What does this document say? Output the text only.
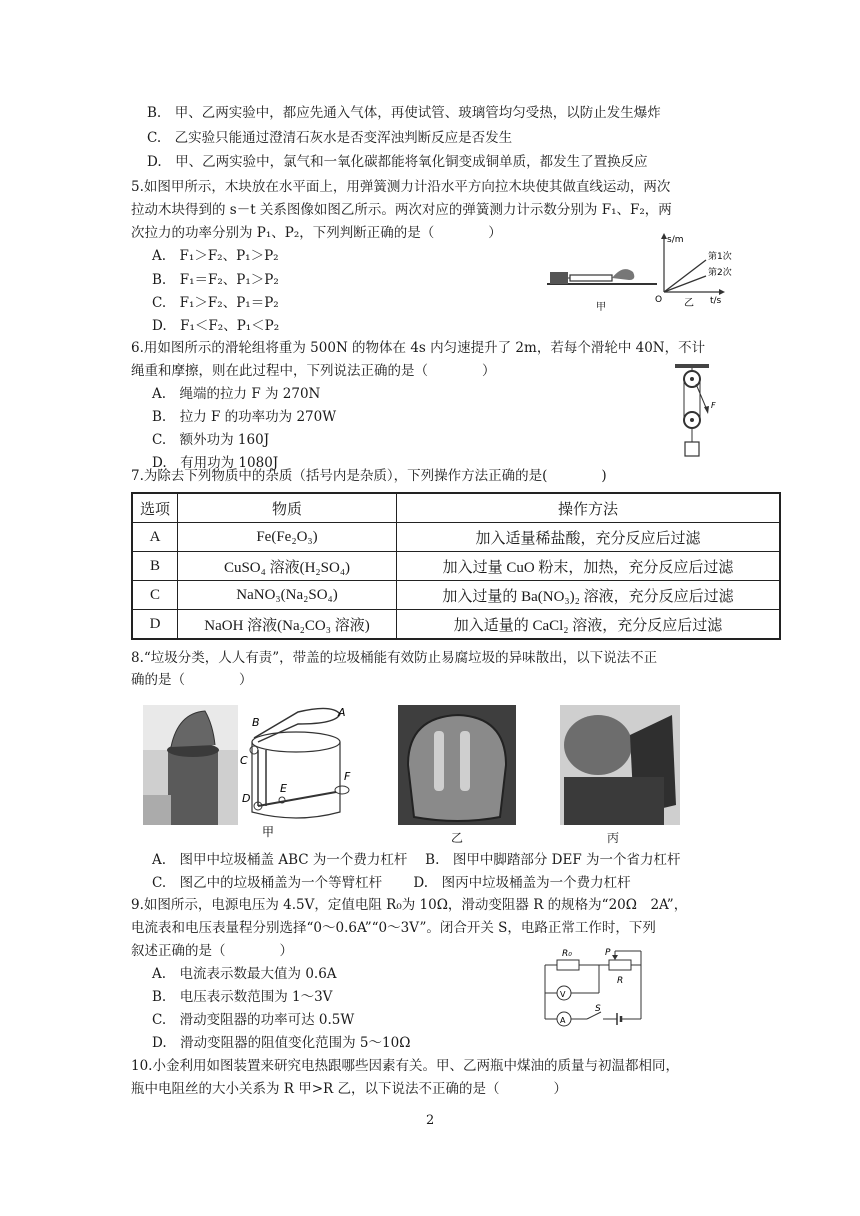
B.　甲、乙两实验中，都应先通入气体，再使试管、玻璃管均匀受热，以防止发生爆炸
C.　乙实验只能通过澄清石灰水是否变浑浊判断反应是否发生
D.　甲、乙两实验中，氯气和一氧化碳都能将氧化铜变成铜单质，都发生了置换反应
5.如图甲所示，木块放在水平面上，用弹簧测力计沿水平方向拉木块使其做直线运动，两次
拉动木块得到的 s－t 关系图像如图乙所示。两次对应的弹簧测力计示数分别为 F₁、F₂，两
次拉力的功率分别为 P₁、P₂，下列判断正确的是（　　　　）
A.　F₁＞F₂、P₁＞P₂
B.　F₁＝F₂、P₁＞P₂
C.　F₁＞F₂、P₁＝P₂
D.　F₁＜F₂、P₁＜P₂
甲
s/m
第1次
第2次
O	t/s
乙
6.用如图所示的滑轮组将重为 500N 的物体在 4s 内匀速提升了 2m，若每个滑轮中 40N，不计
绳重和摩擦，则在此过程中，下列说法正确的是（　　　　）
A.　绳端的拉力 F 为 270N
B.　拉力 F 的功率功为 270W
C.　额外功为 160J
D.　有用功为 1080J
F
7.为除去下列物质中的杂质（括号内是杂质），下列操作方法正确的是(　　　　)
选项	物质	操作方法
A	Fe(Fe₂O₃)	加入适量稀盐酸，充分反应后过滤
B	CuSO₄ 溶液(H₂SO₄)	加入过量 CuO 粉末，加热，充分反应后过滤
C	NaNO₃(Na₂SO₄)	加入过量的 Ba(NO₃)₂ 溶液，充分反应后过滤
D	NaOH 溶液(Na₂CO₃ 溶液)	加入适量的 CaCl₂ 溶液，充分反应后过滤
8.“垃圾分类，人人有责”，带盖的垃圾桶能有效防止易腐垃圾的异味散出，以下说法不正
确的是（　　　　）
A
B
C
D
E
F
甲	乙	丙
A.　图甲中垃圾桶盖 ABC 为一个费力杠杆　 B.　图甲中脚踏部分 DEF 为一个省力杠杆
C.　图乙中的垃圾桶盖为一个等臂杠杆　　 D.　图丙中垃圾桶盖为一个费力杠杆
9.如图所示，电源电压为 4.5V，定值电阻 R₀为 10Ω，滑动变阻器 R 的规格为“20Ω　2A”，
电流表和电压表量程分别选择“0～0.6A”“0～3V”。闭合开关 S，电路正常工作时，下列
叙述正确的是（　　　　）
A.　电流表示数最大值为 0.6A
B.　电压表示数范围为 1～3V
C.　滑动变阻器的功率可达 0.5W
D.　滑动变阻器的阻值变化范围为 5～10Ω
R₀	P
R
V
A
S
10.小金利用如图装置来研究电热跟哪些因素有关。甲、乙两瓶中煤油的质量与初温都相同，
瓶中电阻丝的大小关系为 R 甲>R 乙，以下说法不正确的是（　　　　）
2
